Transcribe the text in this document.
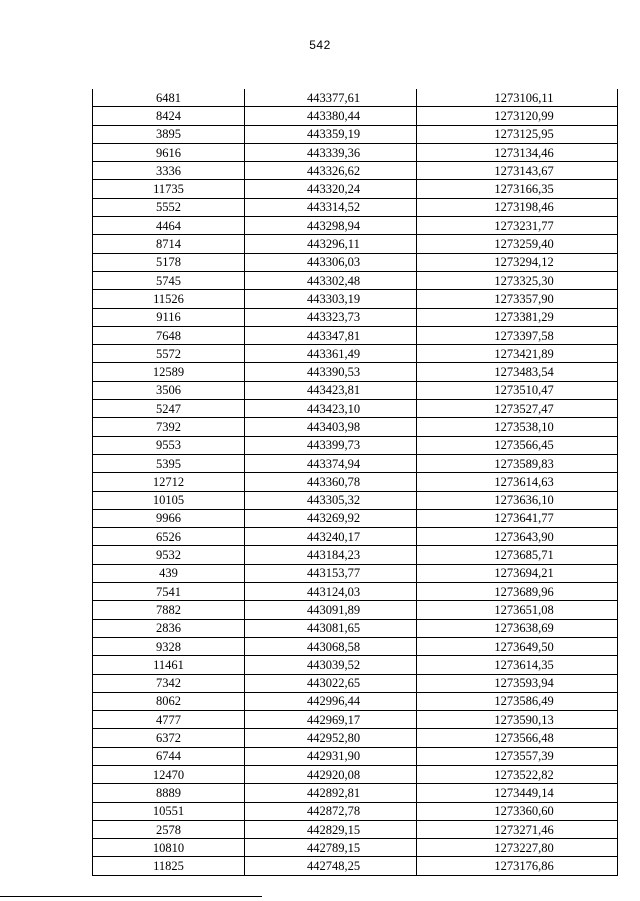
542
6481	443377,61	1273106,11
8424	443380,44	1273120,99
3895	443359,19	1273125,95
9616	443339,36	1273134,46
3336	443326,62	1273143,67
11735	443320,24	1273166,35
5552	443314,52	1273198,46
4464	443298,94	1273231,77
8714	443296,11	1273259,40
5178	443306,03	1273294,12
5745	443302,48	1273325,30
11526	443303,19	1273357,90
9116	443323,73	1273381,29
7648	443347,81	1273397,58
5572	443361,49	1273421,89
12589	443390,53	1273483,54
3506	443423,81	1273510,47
5247	443423,10	1273527,47
7392	443403,98	1273538,10
9553	443399,73	1273566,45
5395	443374,94	1273589,83
12712	443360,78	1273614,63
10105	443305,32	1273636,10
9966	443269,92	1273641,77
6526	443240,17	1273643,90
9532	443184,23	1273685,71
439	443153,77	1273694,21
7541	443124,03	1273689,96
7882	443091,89	1273651,08
2836	443081,65	1273638,69
9328	443068,58	1273649,50
11461	443039,52	1273614,35
7342	443022,65	1273593,94
8062	442996,44	1273586,49
4777	442969,17	1273590,13
6372	442952,80	1273566,48
6744	442931,90	1273557,39
12470	442920,08	1273522,82
8889	442892,81	1273449,14
10551	442872,78	1273360,60
2578	442829,15	1273271,46
10810	442789,15	1273227,80
11825	442748,25	1273176,86
